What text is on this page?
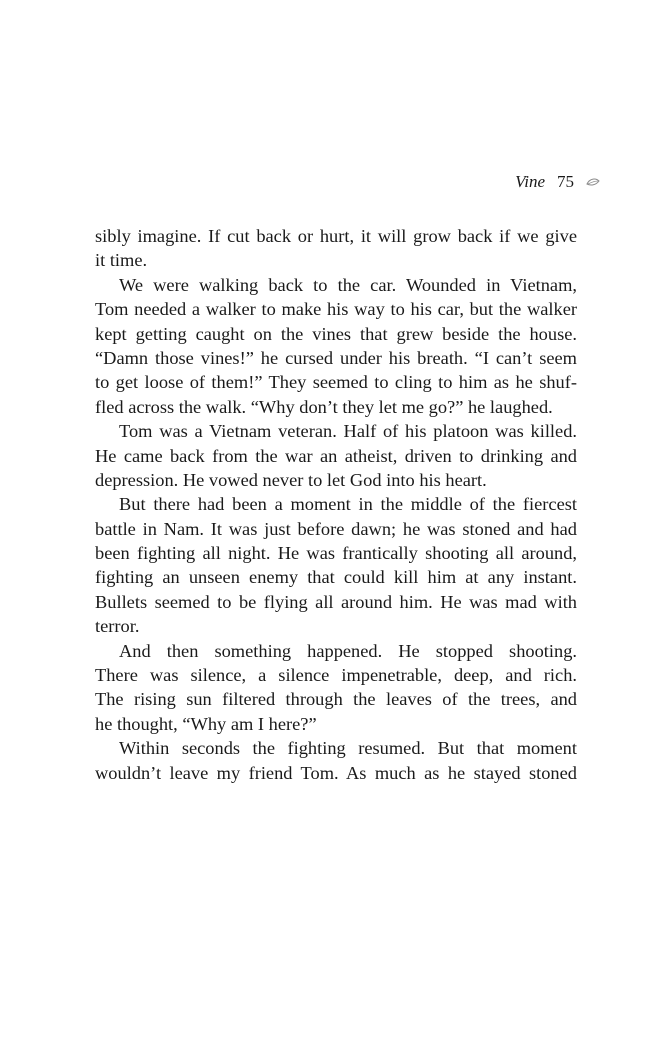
Vine 75
sibly imagine. If cut back or hurt, it will grow back if we give
it time.
We were walking back to the car. Wounded in Vietnam,
Tom needed a walker to make his way to his car, but the walker
kept getting caught on the vines that grew beside the house.
“Damn those vines!” he cursed under his breath. “I can’t seem
to get loose of them!” They seemed to cling to him as he shuf-
fled across the walk. “Why don’t they let me go?” he laughed.
Tom was a Vietnam veteran. Half of his platoon was killed.
He came back from the war an atheist, driven to drinking and
depression. He vowed never to let God into his heart.
But there had been a moment in the middle of the fiercest
battle in Nam. It was just before dawn; he was stoned and had
been fighting all night. He was frantically shooting all around,
fighting an unseen enemy that could kill him at any instant.
Bullets seemed to be flying all around him. He was mad with
terror.
And then something happened. He stopped shooting.
There was silence, a silence impenetrable, deep, and rich.
The rising sun filtered through the leaves of the trees, and
he thought, “Why am I here?”
Within seconds the fighting resumed. But that moment
wouldn’t leave my friend Tom. As much as he stayed stoned
